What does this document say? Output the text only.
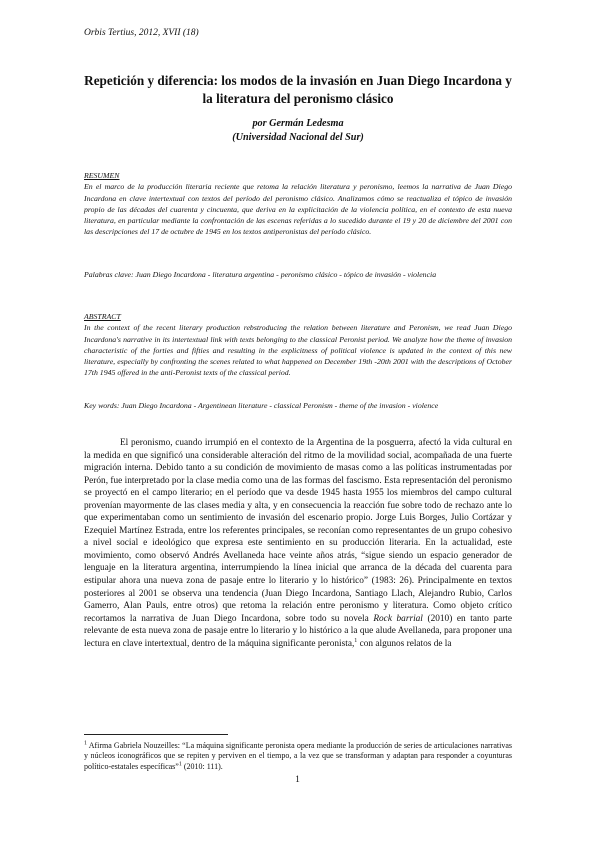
Orbis Tertius, 2012, XVII (18)
Repetición y diferencia: los modos de la invasión en Juan Diego Incardona y la literatura del peronismo clásico
por Germán Ledesma
(Universidad Nacional del Sur)
RESUMEN
En el marco de la producción literaria reciente que retoma la relación literatura y peronismo, leemos la narrativa de Juan Diego Incardona en clave intertextual con textos del período del peronismo clásico. Analizamos cómo se reactualiza el tópico de invasión propio de las décadas del cuarenta y cincuenta, que deriva en la explicitación de la violencia política, en el contexto de esta nueva literatura, en particular mediante la confrontación de las escenas referidas a lo sucedido durante el 19 y 20 de diciembre del 2001 con las descripciones del 17 de octubre de 1945 en los textos antiperonistas del período clásico.
Palabras clave: Juan Diego Incardona - literatura argentina - peronismo clásico - tópico de invasión - violencia
ABSTRACT
In the context of the recent literary production rebstroducing the relation between literature and Peronism, we read Juan Diego Incardona's narrative in its intertextual link with texts belonging to the classical Peronist period. We analyze how the theme of invasion characteristic of the forties and fifties and resulting in the explicitness of political violence is updated in the context of this new literature, especially by confronting the scenes related to what happened on December 19th -20th 2001 with the descriptions of October 17th 1945 offered in the anti-Peronist texts of the classical period.
Key words: Juan Diego Incardona - Argentinean literature - classical Peronism - theme of the invasion - violence

El peronismo, cuando irrumpió en el contexto de la Argentina de la posguerra, afectó la vida cultural en la medida en que significó una considerable alteración del ritmo de la movilidad social, acompañada de una fuerte migración interna. Debido tanto a su condición de movimiento de masas como a las políticas instrumentadas por Perón, fue interpretado por la clase media como una de las formas del fascismo. Esta representación del peronismo se proyectó en el campo literario; en el período que va desde 1945 hasta 1955 los miembros del campo cultural provenían mayormente de las clases media y alta, y en consecuencia la reacción fue sobre todo de rechazo ante lo que experimentaban como un sentimiento de invasión del escenario propio. Jorge Luis Borges, Julio Cortázar y Ezequiel Martínez Estrada, entre los referentes principales, se reconían como representantes de un grupo cohesivo a nivel social e ideológico que expresa este sentimiento en su producción literaria. En la actualidad, este movimiento, como observó Andrés Avellaneda hace veinte años atrás, “sigue siendo un espacio generador de lenguaje en la literatura argentina, interrumpiendo la línea inicial que arranca de la década del cuarenta para estipular ahora una nueva zona de pasaje entre lo literario y lo histórico” (1983: 26). Principalmente en textos posteriores al 2001 se observa una tendencia (Juan Diego Incardona, Santiago Llach, Alejandro Rubio, Carlos Gamerro, Alan Pauls, entre otros) que retoma la relación entre peronismo y literatura. Como objeto crítico recortamos la narrativa de Juan Diego Incardona, sobre todo su novela Rock barrial (2010) en tanto parte relevante de esta nueva zona de pasaje entre lo literario y lo histórico a la que alude Avellaneda, para proponer una lectura en clave intertextual, dentro de la máquina significante peronista,$^1$ con algunos relatos de la

$^1$ Afirma Gabriela Nouzeilles: “La máquina significante peronista opera mediante la producción de series de articulaciones narrativas y núcleos iconográficos que se repiten y perviven en el tiempo, a la vez que se transforman y adaptan para responder a coyunturas político-estatales específicas”$^1$ (2010: 111).
1
